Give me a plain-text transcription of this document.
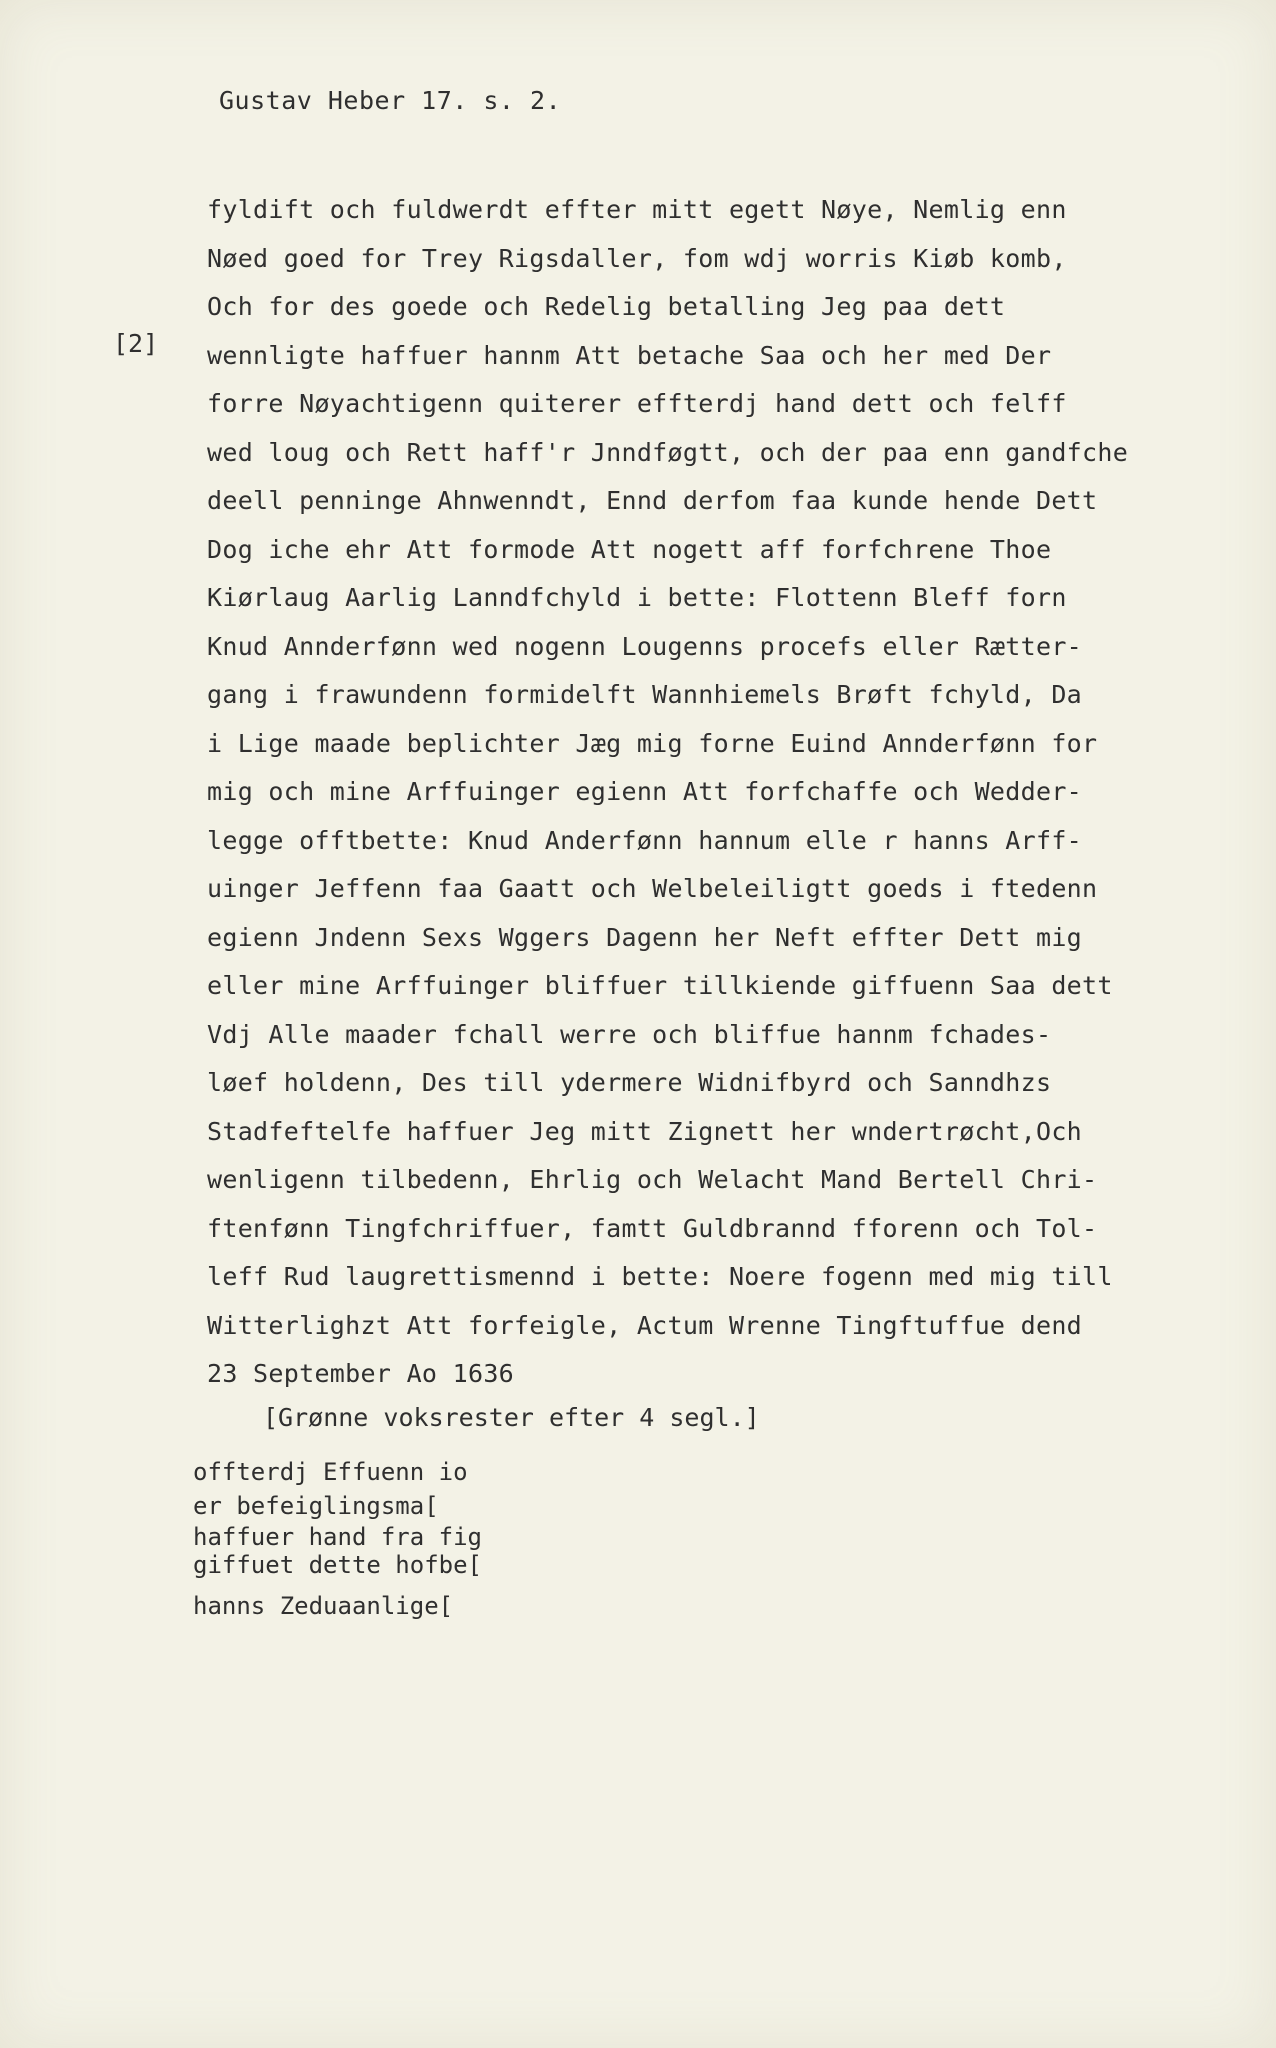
Gustav Heber 17. s. 2.
[2]
fyldift och fuldwerdt effter mitt egett Nøye, Nemlig enn
Nøed goed for Trey Rigsdaller, fom wdj worris Kiøb komb,
Och for des goede och Redelig betalling Jeg paa dett
wennligte haffuer hannm Att betache Saa och her med Der
forre Nøyachtigenn quiterer effterdj hand dett och felff
wed loug och Rett haff'r Jnndføgtt, och der paa enn gandfche
deell penninge Ahnwenndt, Ennd derfom faa kunde hende Dett
Dog iche ehr Att formode Att nogett aff forfchrene Thoe
Kiørlaug Aarlig Lanndfchyld i bette: Flottenn Bleff forn
Knud Annderfønn wed nogenn Lougenns procefs eller Rætter-
gang i frawundenn formidelft Wannhiemels Brøft fchyld, Da
i Lige maade beplichter Jæg mig forne Euind Annderfønn for
mig och mine Arffuinger egienn Att forfchaffe och Wedder-
legge offtbette: Knud Anderfønn hannum elle r hanns Arff-
uinger Jeffenn faa Gaatt och Welbeleiligtt goeds i ftedenn
egienn Jndenn Sexs Wggers Dagenn her Neft effter Dett mig
eller mine Arffuinger bliffuer tillkiende giffuenn Saa dett
Vdj Alle maader fchall werre och bliffue hannm fchades-
løef holdenn, Des till ydermere Widnifbyrd och Sanndhzs
Stadfeftelfe haffuer Jeg mitt Zignett her wndertrøcht,Och
wenligenn tilbedenn, Ehrlig och Welacht Mand Bertell Chri-
ftenfønn Tingfchriffuer, famtt Guldbrannd fforenn och Tol-
leff Rud laugrettismennd i bette: Noere fogenn med mig till
Witterlighzt Att forfeigle, Actum Wrenne Tingftuffue dend
23 September Ao 1636
[Grønne voksrester efter 4 segl.]
offterdj Effuenn io
er befeiglingsma[
haffuer hand fra fig
giffuet dette hofbe[
hanns Zeduaanlige[
